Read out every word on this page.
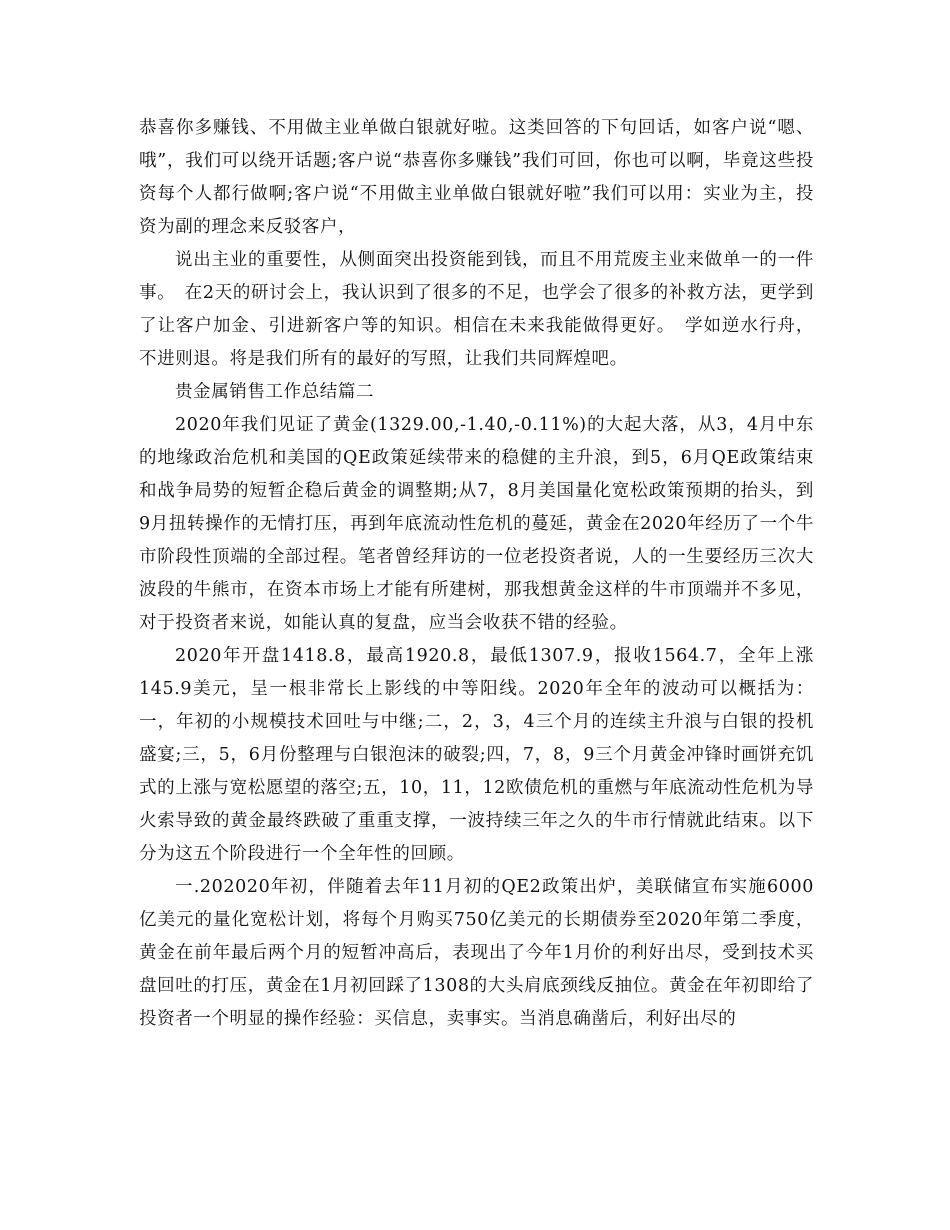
恭喜你多赚钱、不用做主业单做白银就好啦。这类回答的下句回话，如客户说“嗯、哦”，我们可以绕开话题;客户说“恭喜你多赚钱”我们可回，你也可以啊，毕竟这些投资每个人都行做啊;客户说“不用做主业单做白银就好啦”我们可以用：实业为主，投资为副的理念来反驳客户，

说出主业的重要性，从侧面突出投资能到钱，而且不用荒废主业来做单一的一件事。　在2天的研讨会上，我认识到了很多的不足，也学会了很多的补救方法，更学到了让客户加金、引进新客户等的知识。相信在未来我能做得更好。　学如逆水行舟，不进则退。将是我们所有的最好的写照，让我们共同辉煌吧。

贵金属销售工作总结篇二

2020年我们见证了黄金(1329.00,-1.40,-0.11%)的大起大落，从3，4月中东的地缘政治危机和美国的QE政策延续带来的稳健的主升浪，到5，6月QE政策结束和战争局势的短暂企稳后黄金的调整期;从7，8月美国量化宽松政策预期的抬头，到9月扭转操作的无情打压，再到年底流动性危机的蔓延，黄金在2020年经历了一个牛市阶段性顶端的全部过程。笔者曾经拜访的一位老投资者说，人的一生要经历三次大波段的牛熊市，在资本市场上才能有所建树，那我想黄金这样的牛市顶端并不多见，对于投资者来说，如能认真的复盘，应当会收获不错的经验。

2020年开盘1418.8，最高1920.8，最低1307.9，报收1564.7，全年上涨145.9美元，呈一根非常长上影线的中等阳线。2020年全年的波动可以概括为：一，年初的小规模技术回吐与中继;二，2，3，4三个月的连续主升浪与白银的投机盛宴;三，5，6月份整理与白银泡沫的破裂;四，7，8，9三个月黄金冲锋时画饼充饥式的上涨与宽松愿望的落空;五，10，11，12欧债危机的重燃与年底流动性危机为导火索导致的黄金最终跌破了重重支撑，一波持续三年之久的牛市行情就此结束。以下分为这五个阶段进行一个全年性的回顾。

一.202020年初，伴随着去年11月初的QE2政策出炉，美联储宣布实施6000亿美元的量化宽松计划，将每个月购买750亿美元的长期债券至2020年第二季度，黄金在前年最后两个月的短暂冲高后，表现出了今年1月价的利好出尽，受到技术买盘回吐的打压，黄金在1月初回踩了1308的大头肩底颈线反抽位。黄金在年初即给了投资者一个明显的操作经验：买信息，卖事实。当消息确凿后，利好出尽的
